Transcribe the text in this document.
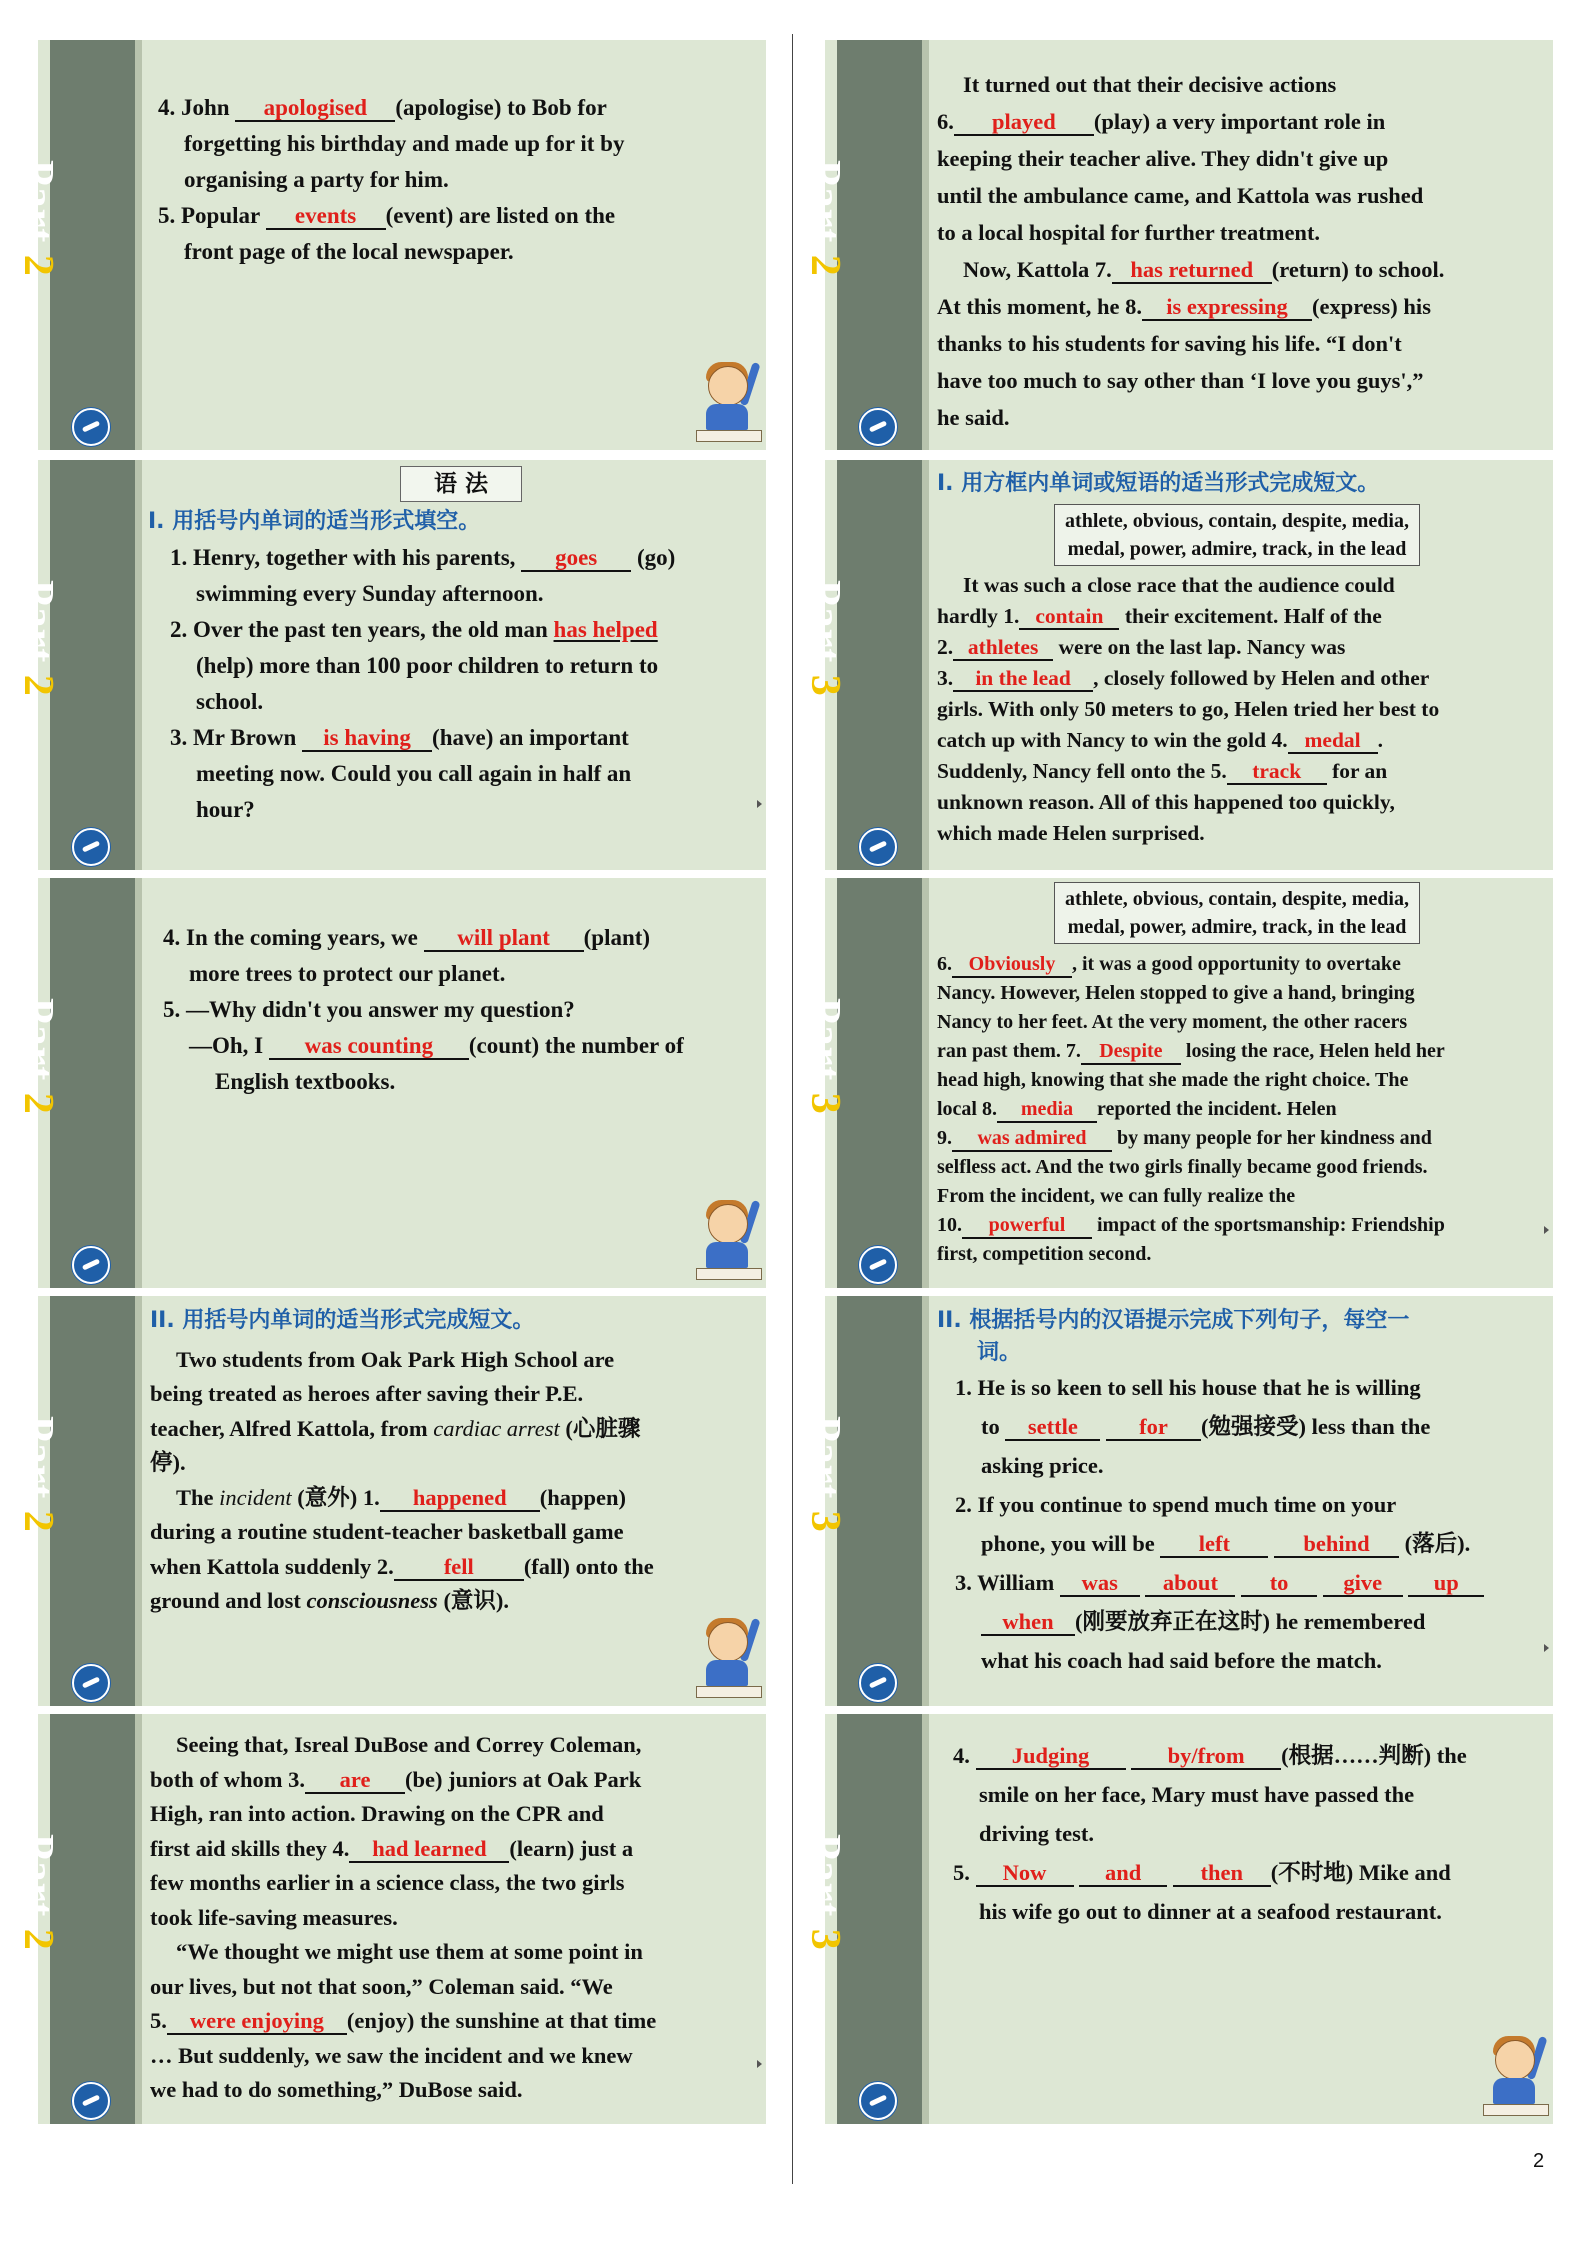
Part 2

4. John apologised (apologise) to Bob for

forgetting his birthday and made up for it by

organising a party for him.

5. Popular events (event) are listed on the

front page of the local newspaper.

Part 2
语 法

I. 用括号内单词的适当形式填空。

1. Henry, together with his parents, goes (go)

swimming every Sunday afternoon.

2. Over the past ten years, the old man has helped

(help) more than 100 poor children to return to

school.

3. Mr Brown is having (have) an important

meeting now. Could you call again in half an

hour?

Part 2

4. In the coming years, we will plant (plant)

more trees to protect our planet.

5. —Why didn't you answer my question?

—Oh, I was counting (count) the number of

English textbooks.

Part 2

II. 用括号内单词的适当形式完成短文。

Two students from Oak Park High School are

being treated as heroes after saving their P.E.

teacher, Alfred Kattola, from cardiac arrest (心脏骤

停).

The incident (意外) 1. happened (happen)

during a routine student-teacher basketball game

when Kattola suddenly 2. fell (fall) onto the

ground and lost consciousness (意识).

Part 2

Seeing that, Isreal DuBose and Correy Coleman,

both of whom 3. are (be) juniors at Oak Park

High, ran into action. Drawing on the CPR and

first aid skills they 4. had learned (learn) just a

few months earlier in a science class, the two girls

took life-saving measures.

“We thought we might use them at some point in

our lives, but not that soon,” Coleman said. “We

5. were enjoying (enjoy) the sunshine at that time

… But suddenly, we saw the incident and we knew

we had to do something,” DuBose said.

Part 2

It turned out that their decisive actions

6. played (play) a very important role in

keeping their teacher alive. They didn't give up

until the ambulance came, and Kattola was rushed

to a local hospital for further treatment.

Now, Kattola 7. has returned (return) to school.

At this moment, he 8. is expressing (express) his

thanks to his students for saving his life. “I don't

have too much to say other than ‘I love you guys',”

he said.

Part 3

I. 用方框内单词或短语的适当形式完成短文。

athlete, obvious, contain, despite, media,
medal, power, admire, track, in the lead

It was such a close race that the audience could

hardly 1. contain their excitement. Half of the

2. athletes were on the last lap. Nancy was

3. in the lead , closely followed by Helen and other

girls. With only 50 meters to go, Helen tried her best to

catch up with Nancy to win the gold 4. medal .

Suddenly, Nancy fell onto the 5. track for an

unknown reason. All of this happened too quickly,

which made Helen surprised.

Part 3
athlete, obvious, contain, despite, media,
medal, power, admire, track, in the lead

6. Obviously , it was a good opportunity to overtake

Nancy. However, Helen stopped to give a hand, bringing

Nancy to her feet. At the very moment, the other racers

ran past them. 7. Despite losing the race, Helen held her

head high, knowing that she made the right choice. The

local 8. media reported the incident. Helen

9. was admired by many people for her kindness and

selfless act. And the two girls finally became good friends.

From the incident, we can fully realize the

10. powerful impact of the sportsmanship: Friendship

first, competition second.

Part 3

II. 根据括号内的汉语提示完成下列句子，每空一

词。

1. He is so keen to sell his house that he is willing

to settle	for (勉强接受) less than the

asking price.

2. If you continue to spend much time on your

phone, you will be left	behind (落后).

3. William was about to give up

when (刚要放弃正在这时) he remembered

what his coach had said before the match.

Part 3

4. Judging	by/from (根据……判断) the

smile on her face, Mary must have passed the

driving test.

5. Now	and	then (不时地) Mike and

his wife go out to dinner at a seafood restaurant.

2
